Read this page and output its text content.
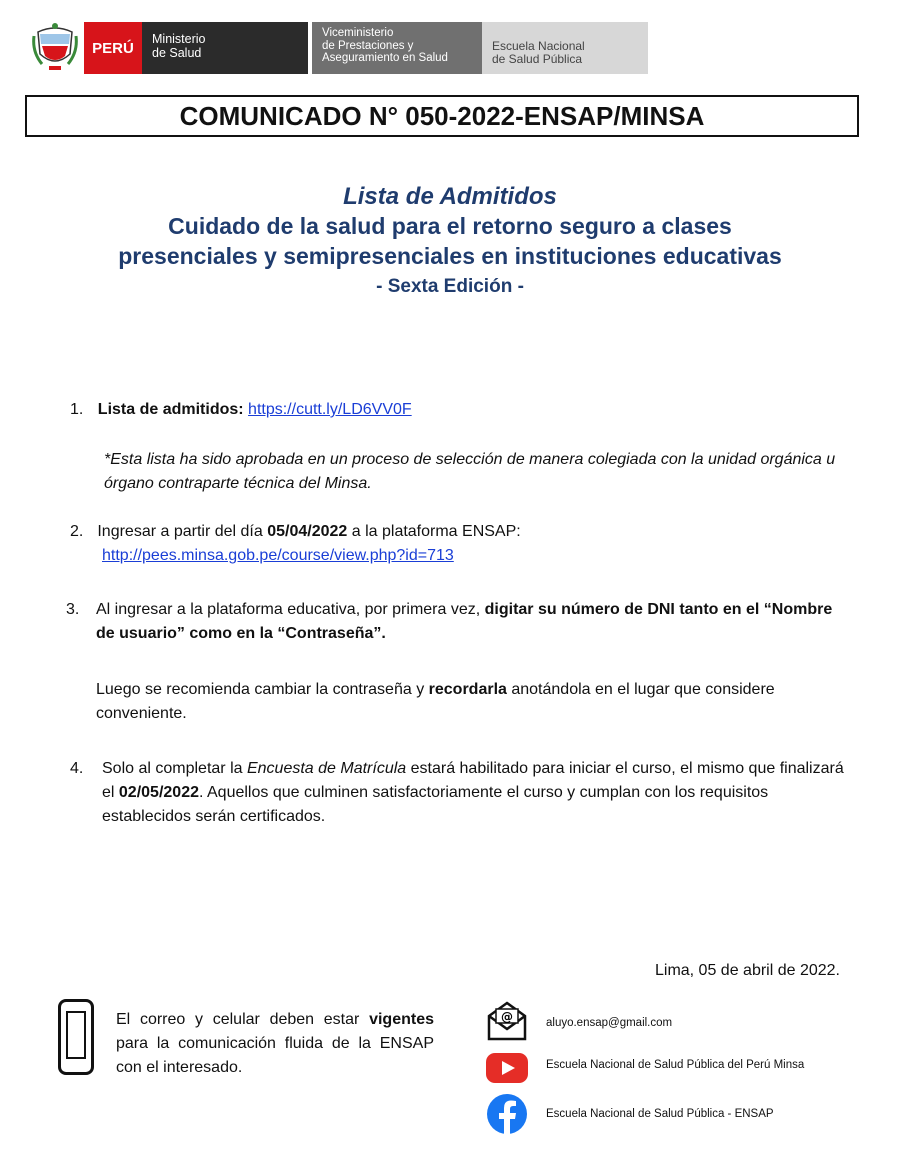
PERÚ
Ministerio
de Salud
Viceministerio
de Prestaciones y
Aseguramiento en Salud
Escuela Nacional
de Salud Pública
COMUNICADO N° 050-2022-ENSAP/MINSA
Lista de Admitidos
Cuidado de la salud para el retorno seguro a clases
presenciales y semipresenciales en instituciones educativas
- Sexta Edición -
1. Lista de admitidos: https://cutt.ly/LD6VV0F
*Esta lista ha sido aprobada en un proceso de selección de manera colegiada con la unidad orgánica u órgano contraparte técnica del Minsa.
2. Ingresar a partir del día 05/04/2022 a la plataforma ENSAP:
http://pees.minsa.gob.pe/course/view.php?id=713
3.	Al ingresar a la plataforma educativa, por primera vez, digitar su número de DNI tanto en el “Nombre de usuario” como en la “Contraseña”.
Luego se recomienda cambiar la contraseña y recordarla anotándola en el lugar que considere conveniente.
4.	Solo al completar la Encuesta de Matrícula estará habilitado para iniciar el curso, el mismo que finalizará el 02/05/2022. Aquellos que culminen satisfactoriamente el curso y cumplan con los requisitos establecidos serán certificados.
Lima, 05 de abril de 2022.
El correo y celular deben estar vigentes para la comunicación fluida de la ENSAP con el interesado.
@	aluyo.ensap@gmail.com
Escuela Nacional de Salud Pública del Perú Minsa
Escuela Nacional de Salud Pública - ENSAP
